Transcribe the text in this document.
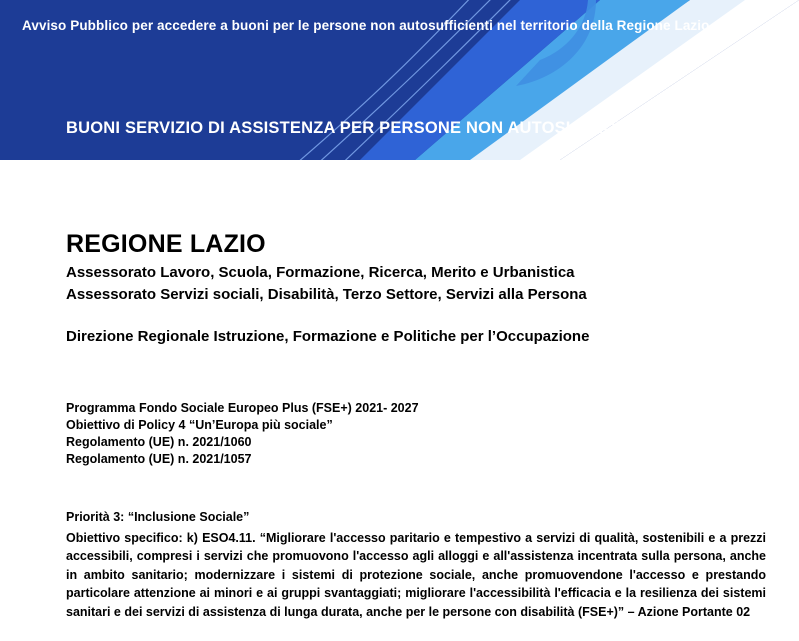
Avviso Pubblico per accedere a buoni per le persone non autosufficienti nel territorio della Regione Lazio
BUONI SERVIZIO DI ASSISTENZA PER PERSONE NON AUTOSUFFICIENTI
REGIONE LAZIO
Assessorato Lavoro, Scuola, Formazione, Ricerca, Merito e Urbanistica
Assessorato Servizi sociali, Disabilità, Terzo Settore, Servizi alla Persona
Direzione Regionale Istruzione, Formazione e Politiche per l’Occupazione
Programma Fondo Sociale Europeo Plus (FSE+) 2021- 2027
Obiettivo di Policy 4 “Un’Europa più sociale”
Regolamento (UE) n. 2021/1060
Regolamento (UE) n. 2021/1057
Priorità 3: “Inclusione Sociale”
Obiettivo specifico: k) ESO4.11. “Migliorare l'accesso paritario e tempestivo a servizi di qualità, sostenibili e a prezzi accessibili, compresi i servizi che promuovono l'accesso agli alloggi e all'assistenza incentrata sulla persona, anche in ambito sanitario; modernizzare i sistemi di protezione sociale, anche promuovendone l'accesso e prestando particolare attenzione ai minori e ai gruppi svantaggiati; migliorare l'accessibilità l'efficacia e la resilienza dei sistemi sanitari e dei servizi di assistenza di lunga durata, anche per le persone con disabilità (FSE+)” – Azione Portante 02
